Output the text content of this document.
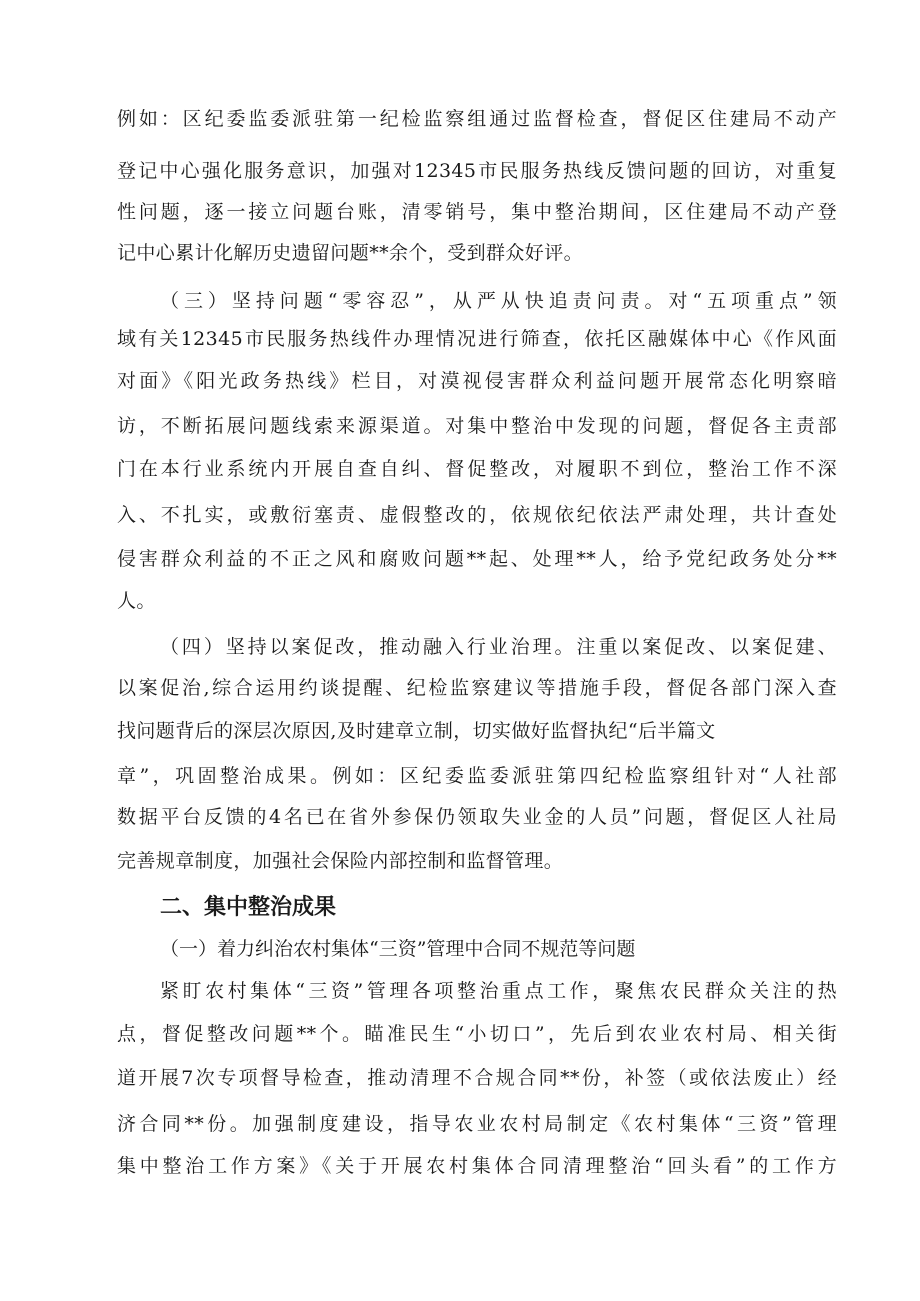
例如：区纪委监委派驻第一纪检监察组通过监督检查，督促区住建局不动产
登记中心强化服务意识，加强对12345市民服务热线反馈问题的回访，对重复
性问题，逐一接立问题台账，清零销号，集中整治期间，区住建局不动产登
记中心累计化解历史遗留问题**余个，受到群众好评。
（三）坚持问题“零容忍”，从严从快追责问责。对“五项重点”领
域有关12345市民服务热线件办理情况进行筛查，依托区融媒体中心《作风面
对面》《阳光政务热线》栏目，对漠视侵害群众利益问题开展常态化明察暗
访，不断拓展问题线索来源渠道。对集中整治中发现的问题，督促各主责部
门在本行业系统内开展自查自纠、督促整改，对履职不到位，整治工作不深
入、不扎实，或敷衍塞责、虚假整改的，依规依纪依法严肃处理，共计查处
侵害群众利益的不正之风和腐败问题**起、处理**人，给予党纪政务处分**
人。
（四）坚持以案促改，推动融入行业治理。注重以案促改、以案促建、
以案促治,综合运用约谈提醒、纪检监察建议等措施手段，督促各部门深入查
找问题背后的深层次原因,及时建章立制，切实做好监督执纪“后半篇文
章”，巩固整治成果。例如：区纪委监委派驻第四纪检监察组针对“人社部
数据平台反馈的4名已在省外参保仍领取失业金的人员”问题，督促区人社局
完善规章制度，加强社会保险内部控制和监督管理。
二、集中整治成果
（一）着力纠治农村集体“三资”管理中合同不规范等问题
紧盯农村集体“三资”管理各项整治重点工作，聚焦农民群众关注的热
点，督促整改问题**个。瞄准民生“小切口”，先后到农业农村局、相关街
道开展7次专项督导检查，推动清理不合规合同**份，补签（或依法废止）经
济合同**份。加强制度建设，指导农业农村局制定《农村集体“三资”管理
集中整治工作方案》《关于开展农村集体合同清理整治“回头看”的工作方
